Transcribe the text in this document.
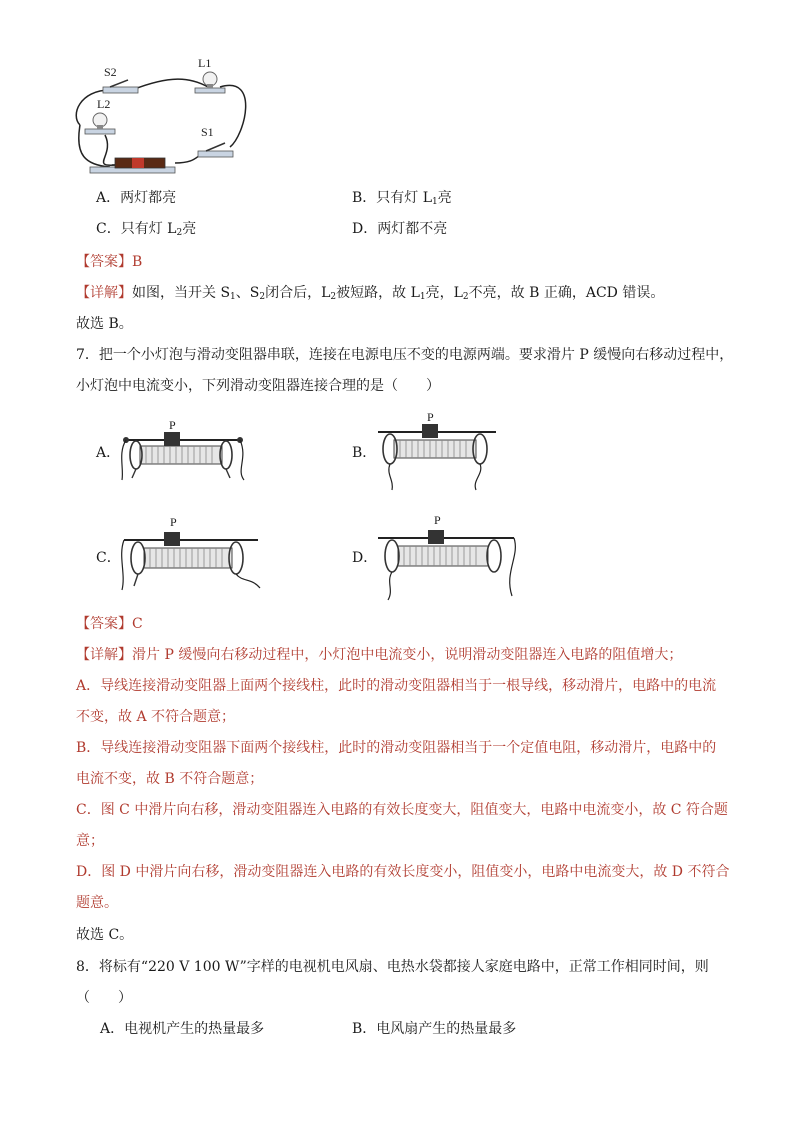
S2
L1
L2
S1
A．两灯都亮	B．只有灯 $L_1$亮
C．只有灯 $L_2$亮	D．两灯都不亮
【答案】B
【详解】如图，当开关 $S_1$、$S_2$闭合后，$L_2$被短路，故 $L_1$亮，$L_2$不亮，故 B 正确，ACD 错误。
故选 B。
7．把一个小灯泡与滑动变阻器串联，连接在电源电压不变的电源两端。要求滑片 P 缓慢向右移动过程中，
小灯泡中电流变小，下列滑动变阻器连接合理的是（　　）
A．	B．
C．	D．
P
P
P	P
【答案】C
【详解】滑片 P 缓慢向右移动过程中，小灯泡中电流变小，说明滑动变阻器连入电路的阻值增大；
A．导线连接滑动变阻器上面两个接线柱，此时的滑动变阻器相当于一根导线，移动滑片，电路中的电流
不变，故 A 不符合题意；
B．导线连接滑动变阻器下面两个接线柱，此时的滑动变阻器相当于一个定值电阻，移动滑片，电路中的
电流不变，故 B 不符合题意；
C．图 C 中滑片向右移，滑动变阻器连入电路的有效长度变大，阻值变大，电路中电流变小，故 C 符合题
意；
D．图 D 中滑片向右移，滑动变阻器连入电路的有效长度变小，阻值变小，电路中电流变大，故 D 不符合
题意。
故选 C。
8．将标有“220 V 100 W”字样的电视机电风扇、电热水袋都接人家庭电路中，正常工作相同时间，则
（　　）
A．电视机产生的热量最多	B．电风扇产生的热量最多
